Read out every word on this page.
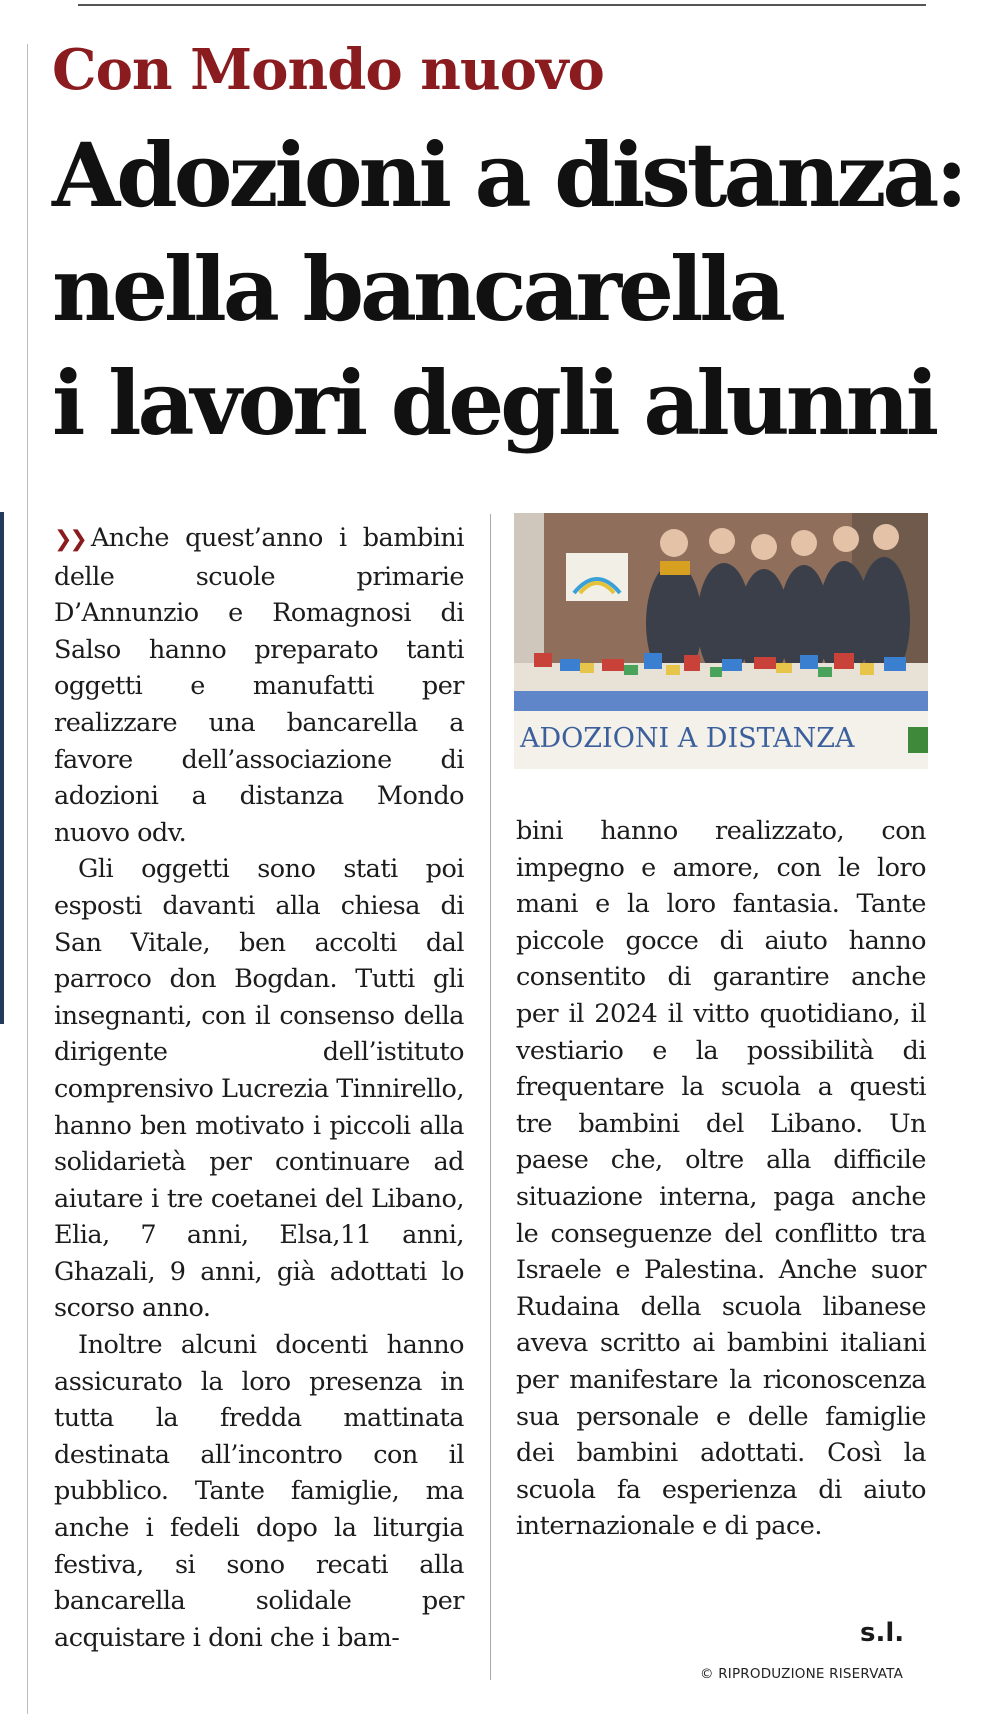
Con Mondo nuovo
Adozioni a distanza:
nella bancarella
i lavori degli alunni

❯❯ Anche quest’anno i bambini delle scuole primarie D’Annunzio e Romagnosi di Salso hanno preparato tanti oggetti e manufatti per realizzare una bancarella a favore dell’associazione di adozioni a distanza Mondo nuovo odv.

Gli oggetti sono stati poi esposti davanti alla chiesa di San Vitale, ben accolti dal parroco don Bogdan. Tutti gli insegnanti, con il consenso della dirigente dell’istituto comprensivo Lucrezia Tinnirello, hanno ben motivato i piccoli alla solidarietà per continuare ad aiutare i tre coetanei del Libano, Elia, 7 anni, Elsa,11 anni, Ghazali, 9 anni, già adottati lo scorso anno.

Inoltre alcuni docenti hanno assicurato la loro presenza in tutta la fredda mattinata destinata all’incontro con il pubblico. Tante famiglie, ma anche i fedeli dopo la liturgia festiva, si sono recati alla bancarella solidale per acquistare i doni che i bam-

ADOZIONI A DISTANZA

bini hanno realizzato, con impegno e amore, con le loro mani e la loro fantasia. Tante piccole gocce di aiuto hanno consentito di garantire anche per il 2024 il vitto quotidiano, il vestiario e la possibilità di frequentare la scuola a questi tre bambini del Libano. Un paese che, oltre alla difficile situazione interna, paga anche le conseguenze del conflitto tra Israele e Palestina. Anche suor Rudaina della scuola libanese aveva scritto ai bambini italiani per manifestare la riconoscenza sua personale e delle famiglie dei bambini adottati. Così la scuola fa esperienza di aiuto internazionale e di pace.

s.l.
© RIPRODUZIONE RISERVATA
